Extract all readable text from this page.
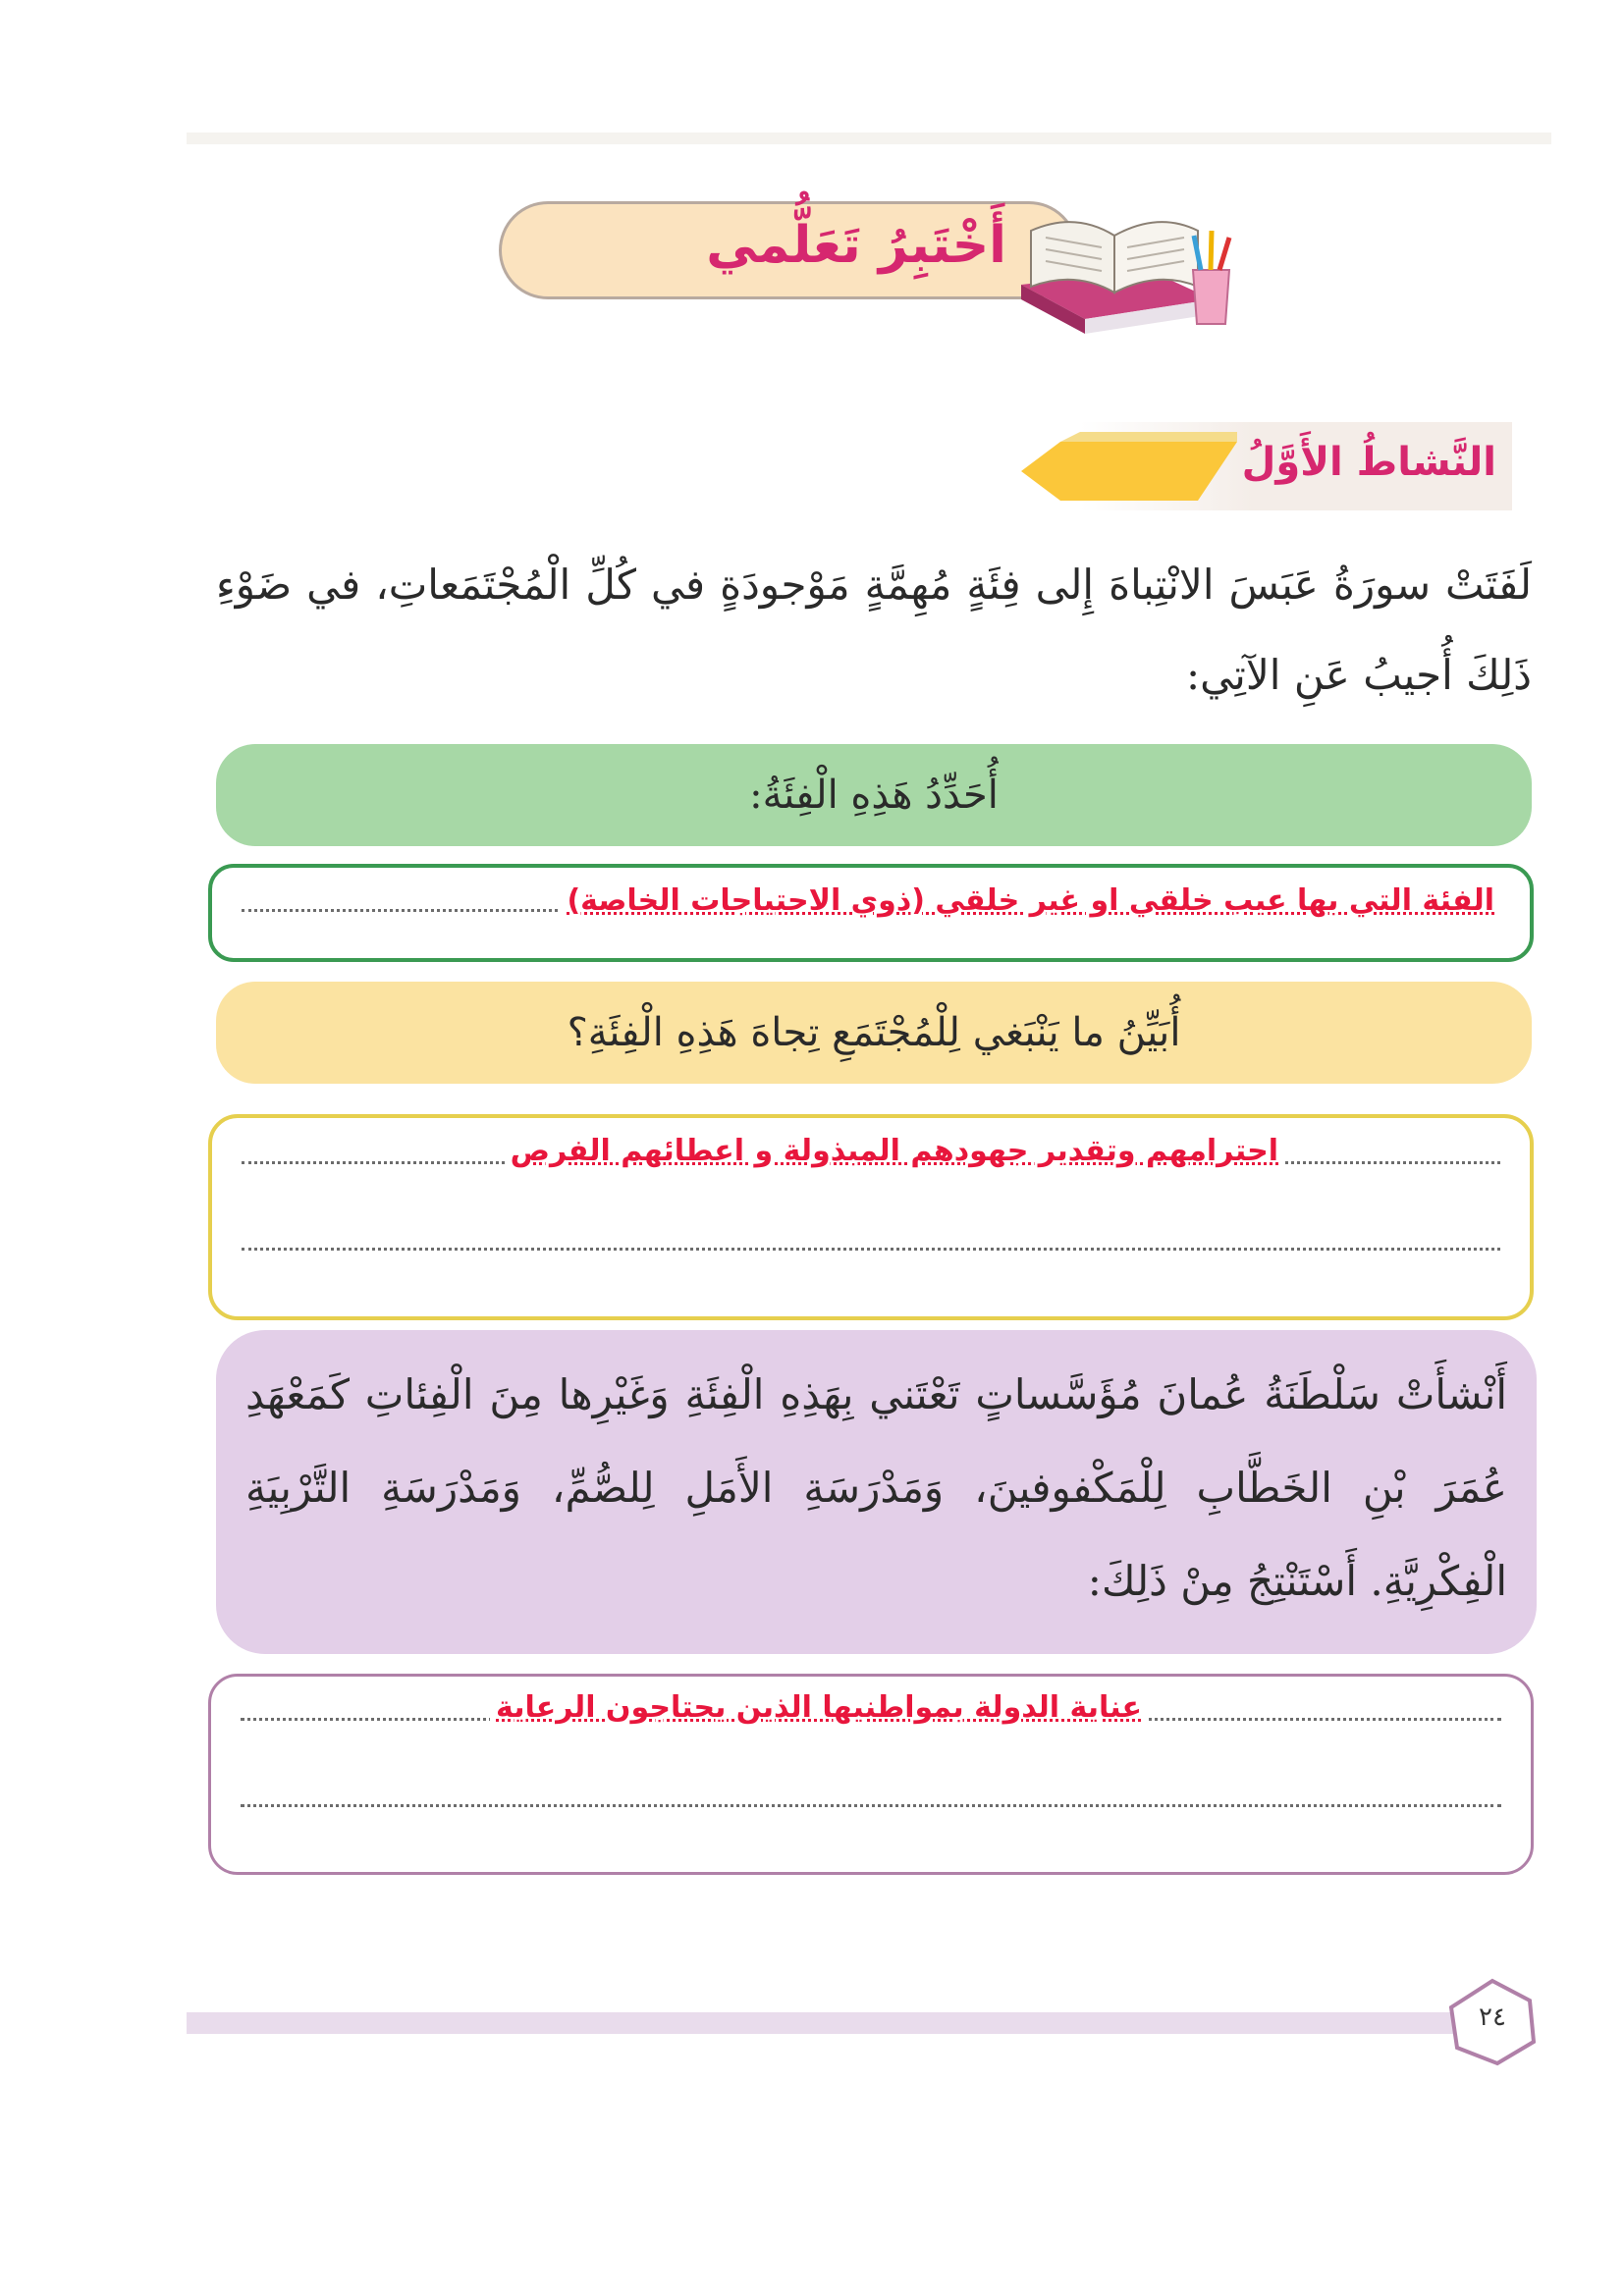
أَخْتَبِرُ تَعَلُّمي
النَّشاطُ الأَوَّلُ
لَفَتَتْ سورَةُ عَبَسَ الانْتِباهَ إِلى فِئَةٍ مُهِمَّةٍ مَوْجودَةٍ في كُلِّ الْمُجْتَمَعاتِ، في ضَوْءِ ذَلِكَ أُجيبُ عَنِ الآتِي:
أُحَدِّدُ هَذِهِ الْفِئَةُ:
الفئة التي بها عيب خلقي او غير خلقي (ذوي الاحتياجات الخاصة)
أُبَيِّنُ ما يَنْبَغي لِلْمُجْتَمَعِ تِجاهَ هَذِهِ الْفِئَةِ؟
احترامهم وتقدير جهودهم المبذولة و اعطائهم الفرص
أَنْشأَتْ سَلْطَنَةُ عُمانَ مُؤَسَّساتٍ تَعْتَني بِهَذِهِ الْفِئَةِ وَغَيْرِها مِنَ الْفِئاتِ كَمَعْهَدِ عُمَرَ بْنِ الخَطَّابِ لِلْمَكْفوفينَ، وَمَدْرَسَةِ الأَمَلِ لِلصُّمِّ، وَمَدْرَسَةِ التَّرْبِيَةِ الْفِكْرِيَّةِ. أَسْتَنْتِجُ مِنْ ذَلِكَ:
عناية الدولة بمواطنيها الذين يحتاجون الرعاية
٢٤
